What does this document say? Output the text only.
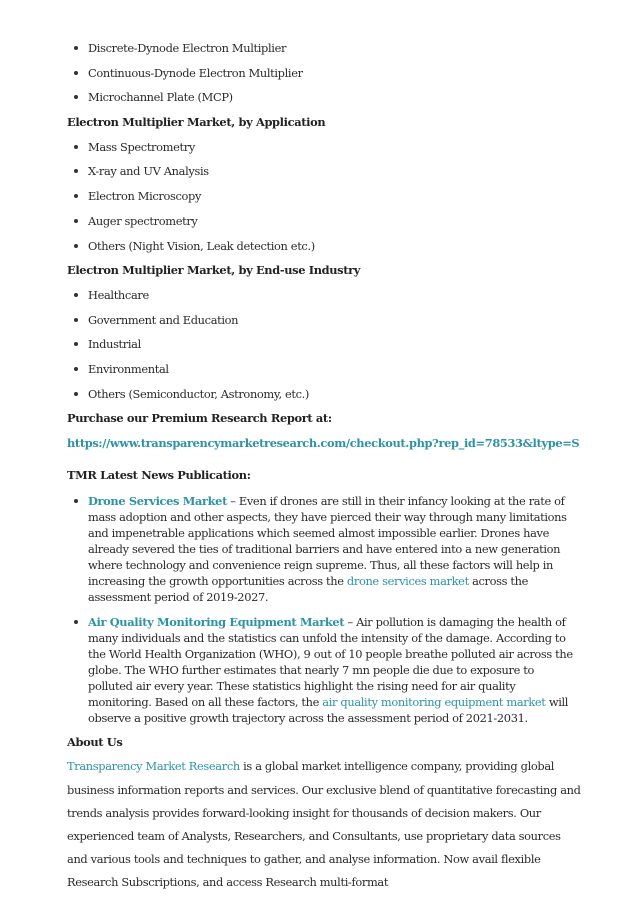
Discrete-Dynode Electron Multiplier
Continuous-Dynode Electron Multiplier
Microchannel Plate (MCP)
Electron Multiplier Market, by Application
Mass Spectrometry
X-ray and UV Analysis
Electron Microscopy
Auger spectrometry
Others (Night Vision, Leak detection etc.)
Electron Multiplier Market, by End-use Industry
Healthcare
Government and Education
Industrial
Environmental
Others (Semiconductor, Astronomy, etc.)
Purchase our Premium Research Report at:
https://www.transparencymarketresearch.com/checkout.php?rep_id=78533&ltype=S
TMR Latest News Publication:
Drone Services Market – Even if drones are still in their infancy looking at the rate of mass adoption and other aspects, they have pierced their way through many limitations and impenetrable applications which seemed almost impossible earlier. Drones have already severed the ties of traditional barriers and have entered into a new generation where technology and convenience reign supreme. Thus, all these factors will help in increasing the growth opportunities across the drone services market across the assessment period of 2019-2027.
Air Quality Monitoring Equipment Market – Air pollution is damaging the health of many individuals and the statistics can unfold the intensity of the damage. According to the World Health Organization (WHO), 9 out of 10 people breathe polluted air across the globe. The WHO further estimates that nearly 7 mn people die due to exposure to polluted air every year. These statistics highlight the rising need for air quality monitoring. Based on all these factors, the air quality monitoring equipment market will observe a positive growth trajectory across the assessment period of 2021-2031.
About Us

Transparency Market Research is a global market intelligence company, providing global business information reports and services. Our exclusive blend of quantitative forecasting and trends analysis provides forward-looking insight for thousands of decision makers. Our experienced team of Analysts, Researchers, and Consultants, use proprietary data sources and various tools and techniques to gather, and analyse information. Now avail flexible Research Subscriptions, and access Research multi-format
